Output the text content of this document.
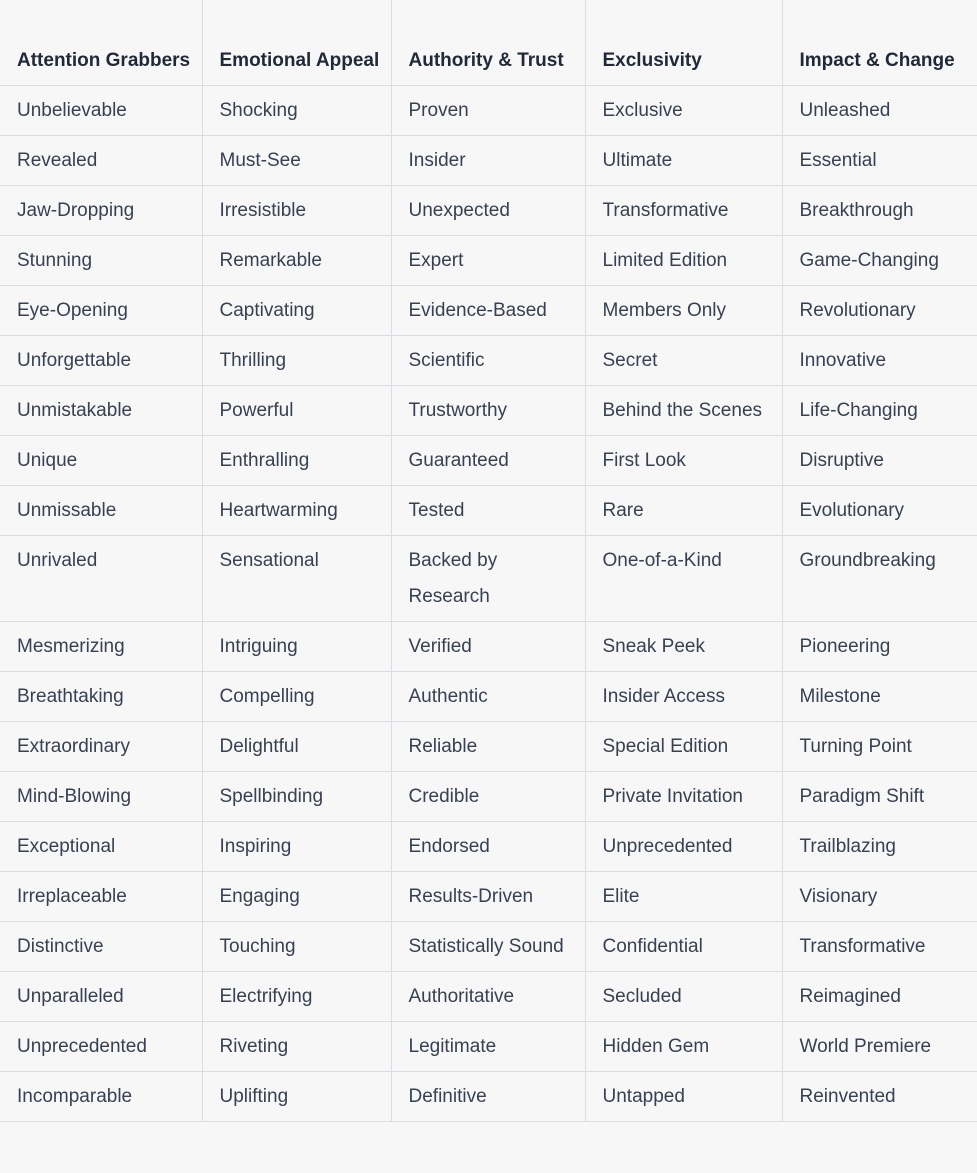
Attention Grabbers	Emotional Appeal	Authority & Trust	Exclusivity	Impact & Change
Unbelievable	Shocking	Proven	Exclusive	Unleashed
Revealed	Must-See	Insider	Ultimate	Essential
Jaw-Dropping	Irresistible	Unexpected	Transformative	Breakthrough
Stunning	Remarkable	Expert	Limited Edition	Game-Changing
Eye-Opening	Captivating	Evidence-Based	Members Only	Revolutionary
Unforgettable	Thrilling	Scientific	Secret	Innovative
Unmistakable	Powerful	Trustworthy	Behind the Scenes	Life-Changing
Unique	Enthralling	Guaranteed	First Look	Disruptive
Unmissable	Heartwarming	Tested	Rare	Evolutionary
Unrivaled	Sensational	Backed by Research	One-of-a-Kind	Groundbreaking
Mesmerizing	Intriguing	Verified	Sneak Peek	Pioneering
Breathtaking	Compelling	Authentic	Insider Access	Milestone
Extraordinary	Delightful	Reliable	Special Edition	Turning Point
Mind-Blowing	Spellbinding	Credible	Private Invitation	Paradigm Shift
Exceptional	Inspiring	Endorsed	Unprecedented	Trailblazing
Irreplaceable	Engaging	Results-Driven	Elite	Visionary
Distinctive	Touching	Statistically Sound	Confidential	Transformative
Unparalleled	Electrifying	Authoritative	Secluded	Reimagined
Unprecedented	Riveting	Legitimate	Hidden Gem	World Premiere
Incomparable	Uplifting	Definitive	Untapped	Reinvented
